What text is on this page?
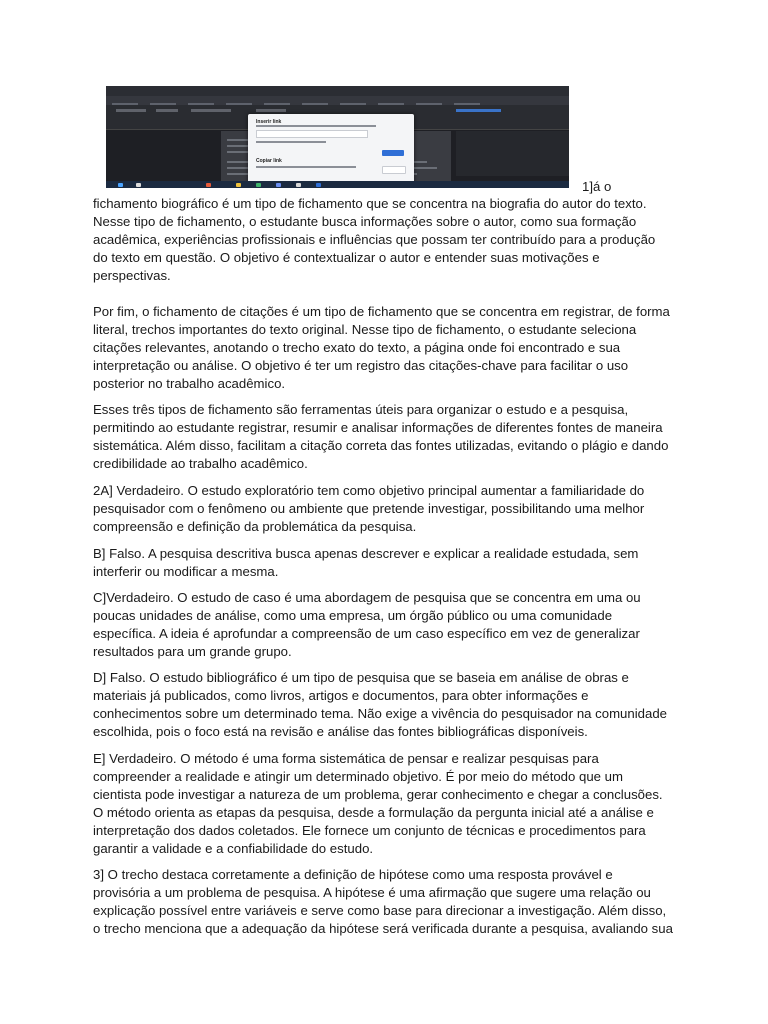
Inserir link
Copiar link
1]á o

fichamento biográfico é um tipo de fichamento que se concentra na biografia do autor do texto. Nesse tipo de fichamento, o estudante busca informações sobre o autor, como sua formação acadêmica, experiências profissionais e influências que possam ter contribuído para a produção do texto em questão. O objetivo é contextualizar o autor e entender suas motivações e perspectivas.

Por fim, o fichamento de citações é um tipo de fichamento que se concentra em registrar, de forma literal, trechos importantes do texto original. Nesse tipo de fichamento, o estudante seleciona citações relevantes, anotando o trecho exato do texto, a página onde foi encontrado e sua interpretação ou análise. O objetivo é ter um registro das citações-chave para facilitar o uso posterior no trabalho acadêmico.

Esses três tipos de fichamento são ferramentas úteis para organizar o estudo e a pesquisa, permitindo ao estudante registrar, resumir e analisar informações de diferentes fontes de maneira sistemática. Além disso, facilitam a citação correta das fontes utilizadas, evitando o plágio e dando credibilidade ao trabalho acadêmico.

2A] Verdadeiro. O estudo exploratório tem como objetivo principal aumentar a familiaridade do pesquisador com o fenômeno ou ambiente que pretende investigar, possibilitando uma melhor compreensão e definição da problemática da pesquisa.

B] Falso. A pesquisa descritiva busca apenas descrever e explicar a realidade estudada, sem interferir ou modificar a mesma.

C]Verdadeiro. O estudo de caso é uma abordagem de pesquisa que se concentra em uma ou poucas unidades de análise, como uma empresa, um órgão público ou uma comunidade específica. A ideia é aprofundar a compreensão de um caso específico em vez de generalizar resultados para um grande grupo.

D] Falso. O estudo bibliográfico é um tipo de pesquisa que se baseia em análise de obras e materiais já publicados, como livros, artigos e documentos, para obter informações e conhecimentos sobre um determinado tema. Não exige a vivência do pesquisador na comunidade escolhida, pois o foco está na revisão e análise das fontes bibliográficas disponíveis.

E] Verdadeiro. O método é uma forma sistemática de pensar e realizar pesquisas para compreender a realidade e atingir um determinado objetivo. É por meio do método que um cientista pode investigar a natureza de um problema, gerar conhecimento e chegar a conclusões. O método orienta as etapas da pesquisa, desde a formulação da pergunta inicial até a análise e interpretação dos dados coletados. Ele fornece um conjunto de técnicas e procedimentos para garantir a validade e a confiabilidade do estudo.

3] O trecho destaca corretamente a definição de hipótese como uma resposta provável e provisória a um problema de pesquisa. A hipótese é uma afirmação que sugere uma relação ou explicação possível entre variáveis e serve como base para direcionar a investigação. Além disso, o trecho menciona que a adequação da hipótese será verificada durante a pesquisa, avaliando sua
